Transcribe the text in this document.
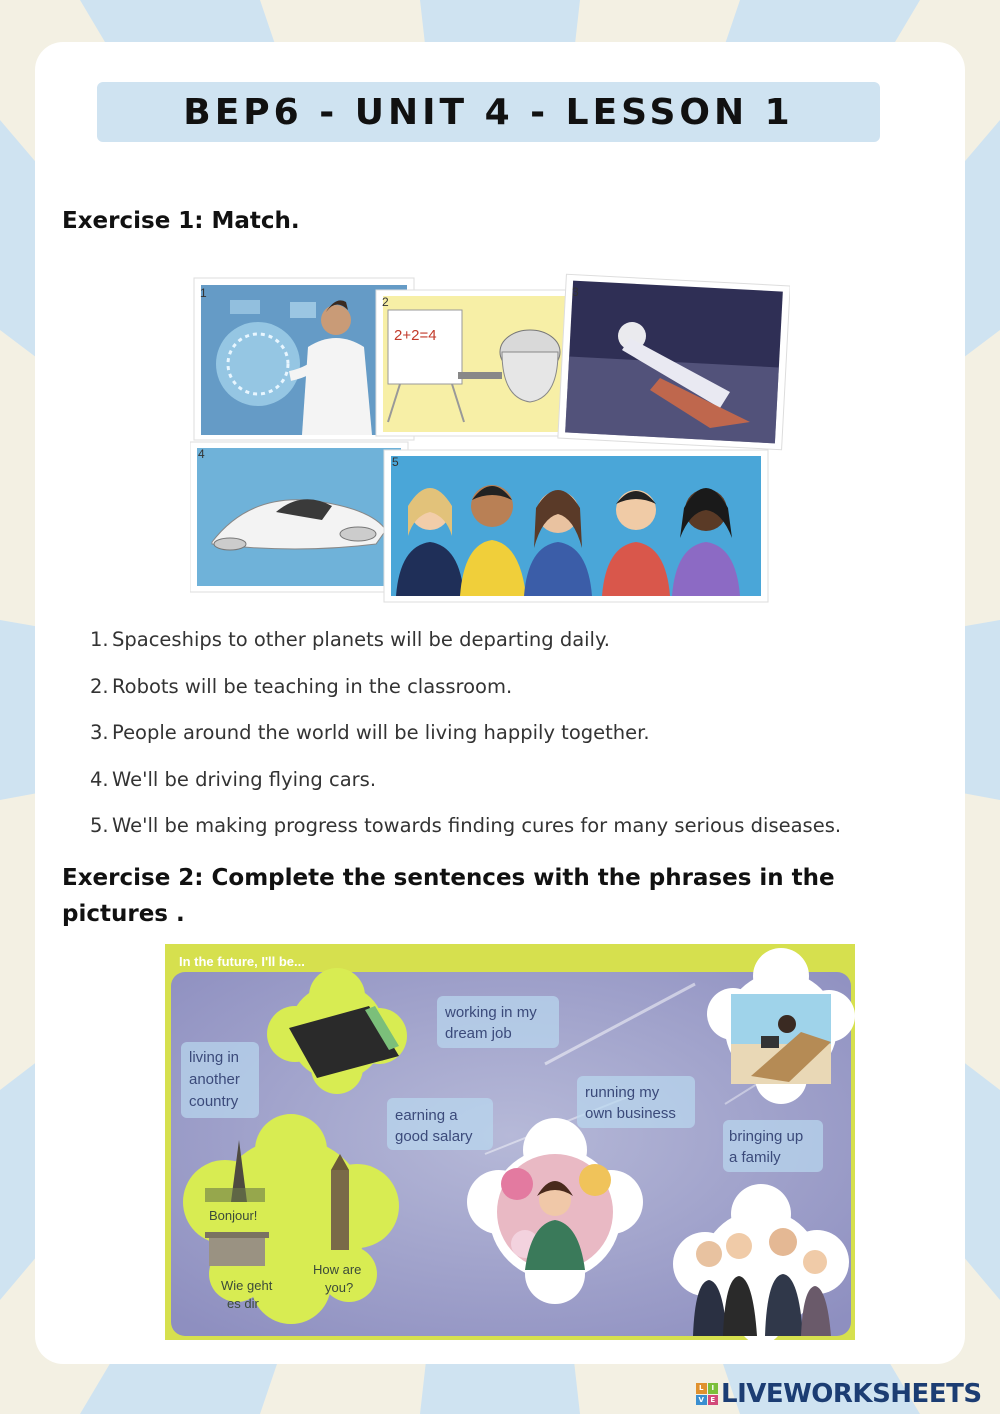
BEP6 - UNIT 4 - LESSON 1
Exercise 1: Match.
1
2+2=4
2
3
4
5
1. Spaceships to other planets will be departing daily.
2. Robots will be teaching in the classroom.
3. People around the world will be living happily together.
4. We'll be driving flying cars.
5. We'll be making progress towards finding cures for many serious diseases.
Exercise 2: Complete the sentences with the phrases in the pictures .
In the future, I'll be...
living in
another
country
working in my
dream job
earning a
good salary
running my
own business
bringing up
a family
Bonjour!
Wie geht
es dir
How are
you?
L	I
V E LIVEWORKSHEETS
